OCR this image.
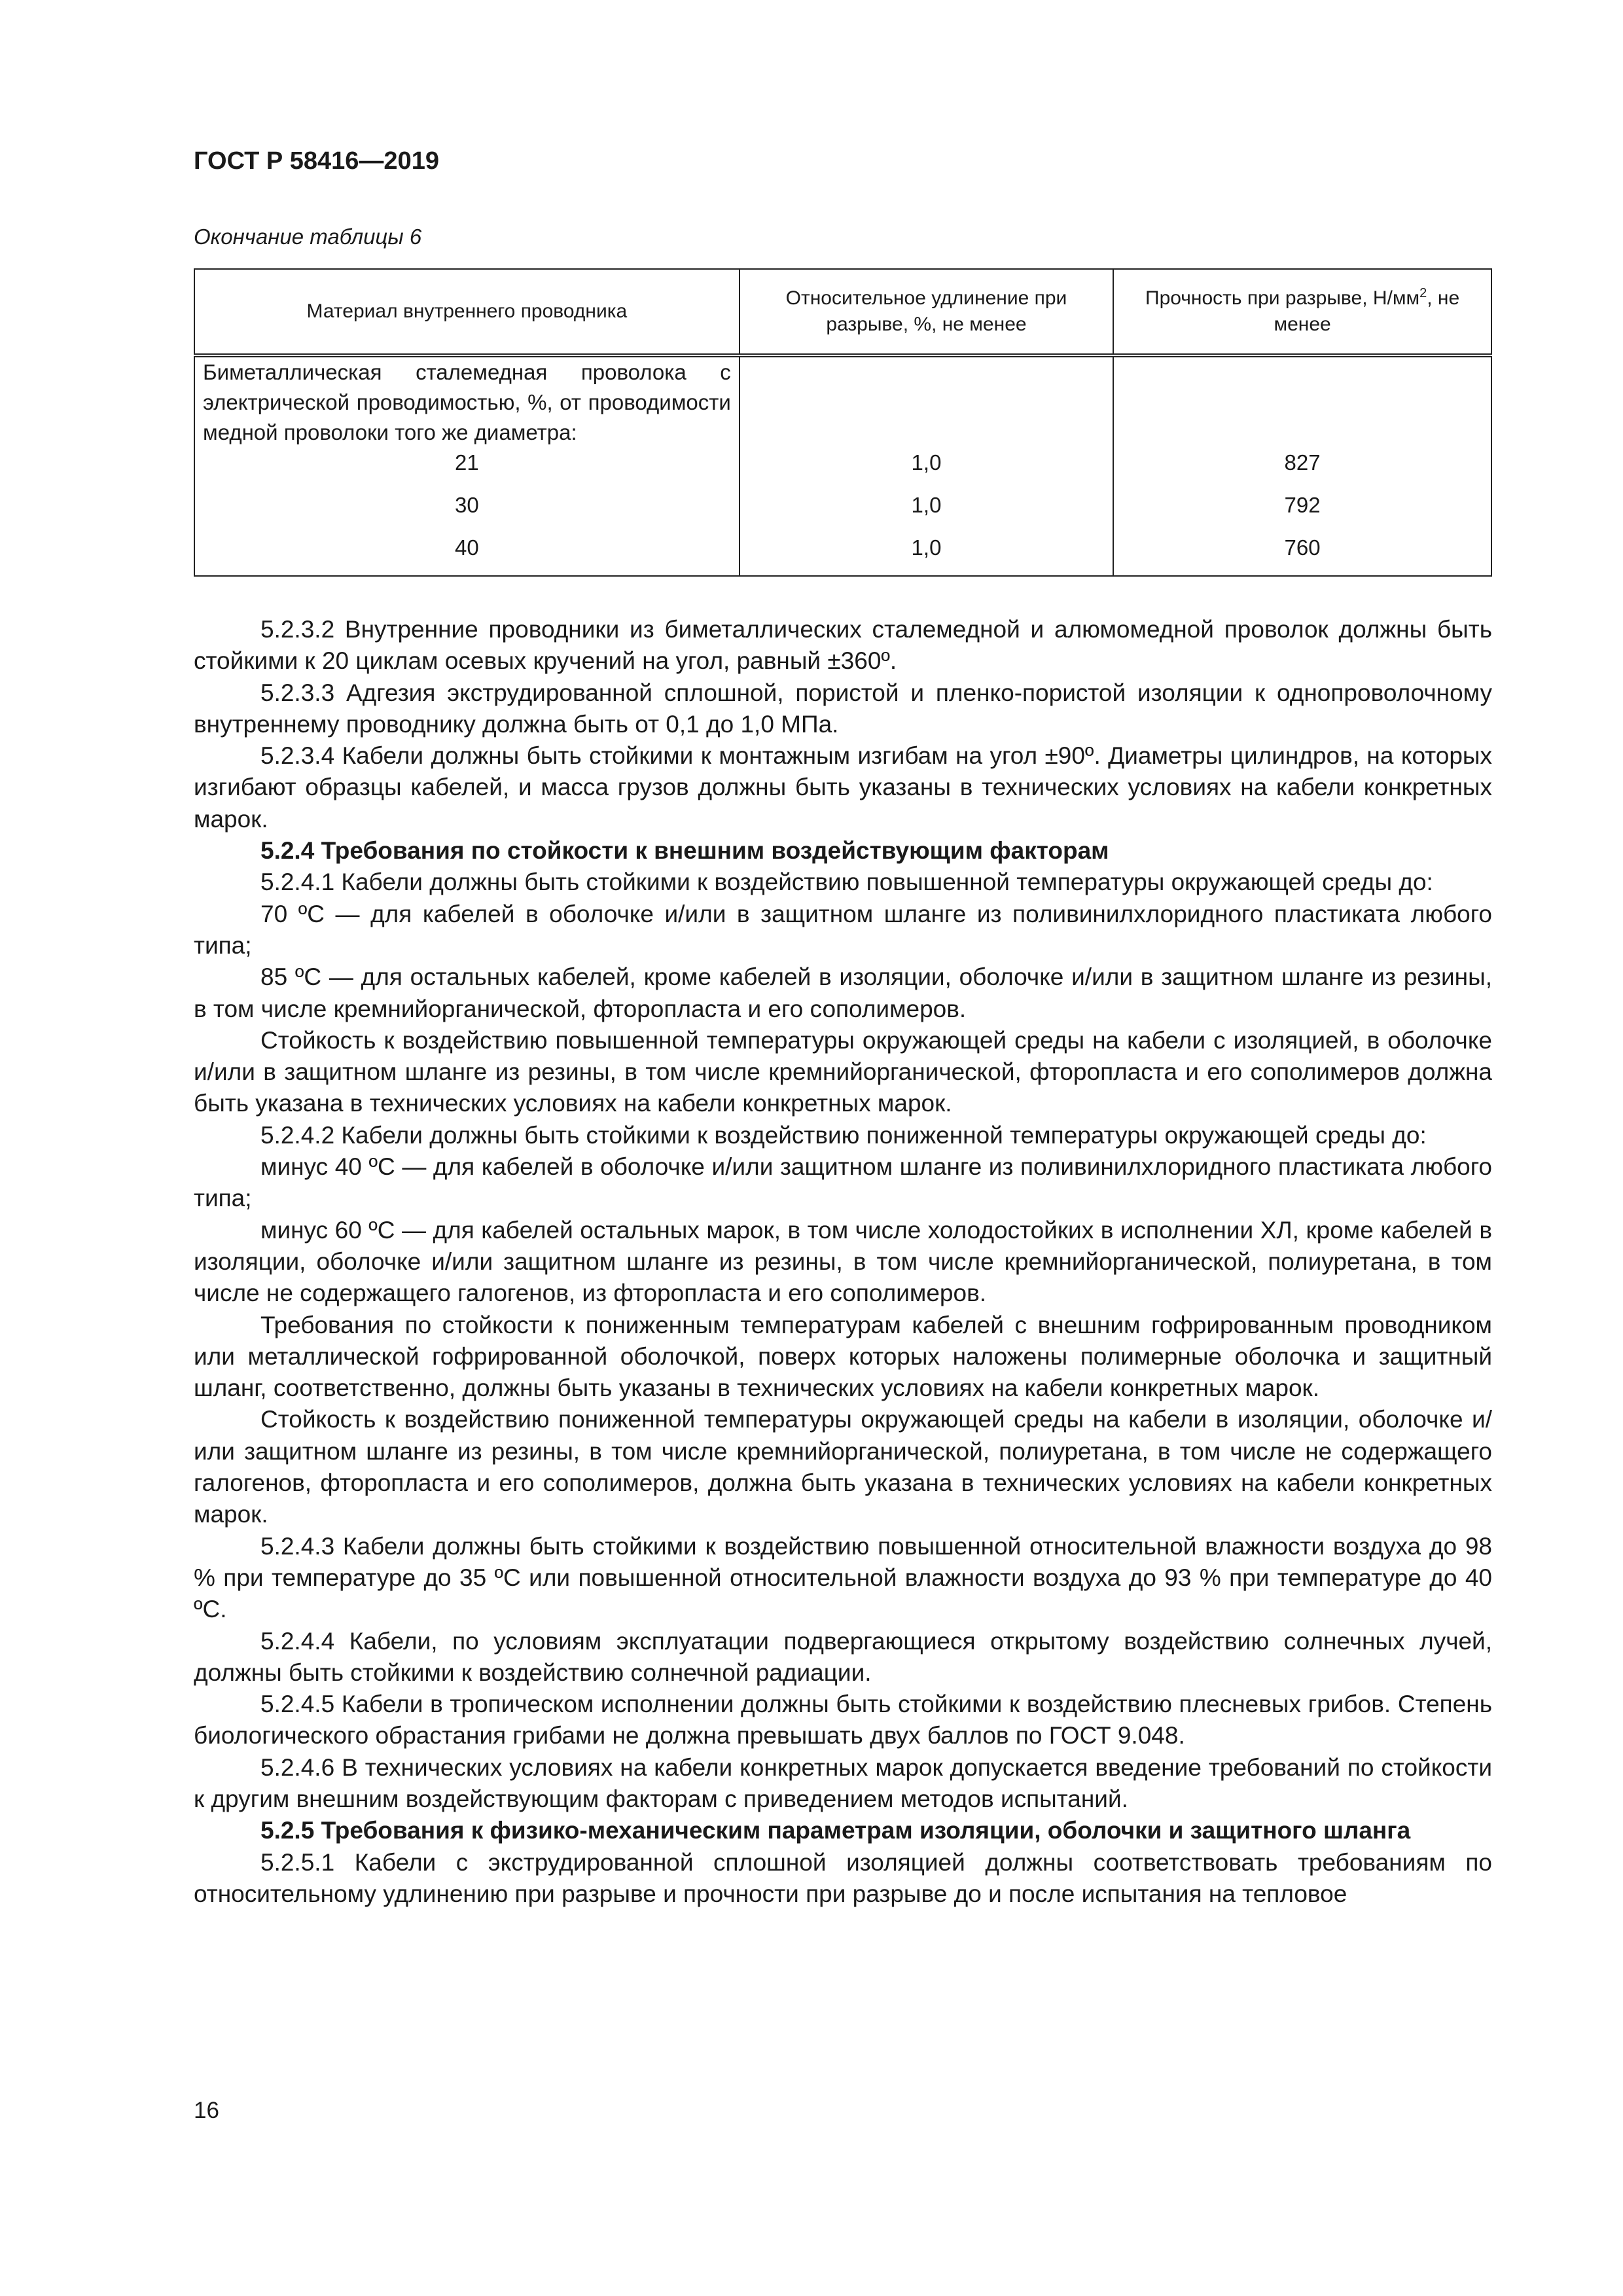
ГОСТ Р 58416—2019
Окончание таблицы 6
Материал внутреннего проводника	Относительное удлинение при разрыве, %, не менее	Прочность при разрыве, $Н/мм^2$, не менее
Биметаллическая сталемедная проволока с электрической проводимостью, %, от проводимости медной проволоки того же диаметра:		
21	1,0	827
30	1,0	792
40	1,0	760

5.2.3.2 Внутренние проводники из биметаллических сталемедной и алюмомедной проволок должны быть стойкими к 20 циклам осевых кручений на угол, равный ±360º.

5.2.3.3 Адгезия экструдированной сплошной, пористой и пленко-пористой изоляции к однопроволочному внутреннему проводнику должна быть от 0,1 до 1,0 МПа.

5.2.3.4 Кабели должны быть стойкими к монтажным изгибам на угол ±90º. Диаметры цилиндров, на которых изгибают образцы кабелей, и масса грузов должны быть указаны в технических условиях на кабели конкретных марок.

5.2.4 Требования по стойкости к внешним воздействующим факторам

5.2.4.1 Кабели должны быть стойкими к воздействию повышенной температуры окружающей среды до:

70 ºС — для кабелей в оболочке и/или в защитном шланге из поливинилхлоридного пластиката любого типа;

85 ºС — для остальных кабелей, кроме кабелей в изоляции, оболочке и/или в защитном шланге из резины, в том числе кремнийорганической, фторопласта и его сополимеров.

Стойкость к воздействию повышенной температуры окружающей среды на кабели с изоляцией, в оболочке и/или в защитном шланге из резины, в том числе кремнийорганической, фторопласта и его сополимеров должна быть указана в технических условиях на кабели конкретных марок.

5.2.4.2 Кабели должны быть стойкими к воздействию пониженной температуры окружающей среды до:

минус 40 ºС — для кабелей в оболочке и/или защитном шланге из поливинилхлоридного пластиката любого типа;

минус 60 ºС — для кабелей остальных марок, в том числе холодостойких в исполнении ХЛ, кроме кабелей в изоляции, оболочке и/или защитном шланге из резины, в том числе кремнийорганической, полиуретана, в том числе не содержащего галогенов, из фторопласта и его сополимеров.

Требования по стойкости к пониженным температурам кабелей с внешним гофрированным проводником или металлической гофрированной оболочкой, поверх которых наложены полимерные оболочка и защитный шланг, соответственно, должны быть указаны в технических условиях на кабели конкретных марок.

Стойкость к воздействию пониженной температуры окружающей среды на кабели в изоляции, оболочке и/или защитном шланге из резины, в том числе кремнийорганической, полиуретана, в том числе не содержащего галогенов, фторопласта и его сополимеров, должна быть указана в технических условиях на кабели конкретных марок.

5.2.4.3 Кабели должны быть стойкими к воздействию повышенной относительной влажности воздуха до 98 % при температуре до 35 ºС или повышенной относительной влажности воздуха до 93 % при температуре до 40 ºС.

5.2.4.4 Кабели, по условиям эксплуатации подвергающиеся открытому воздействию солнечных лучей, должны быть стойкими к воздействию солнечной радиации.

5.2.4.5 Кабели в тропическом исполнении должны быть стойкими к воздействию плесневых грибов. Степень биологического обрастания грибами не должна превышать двух баллов по ГОСТ 9.048.

5.2.4.6 В технических условиях на кабели конкретных марок допускается введение требований по стойкости к другим внешним воздействующим факторам с приведением методов испытаний.

5.2.5 Требования к физико-механическим параметрам изоляции, оболочки и защитного шланга

5.2.5.1 Кабели с экструдированной сплошной изоляцией должны соответствовать требованиям по относительному удлинению при разрыве и прочности при разрыве до и после испытания на тепловое

16
